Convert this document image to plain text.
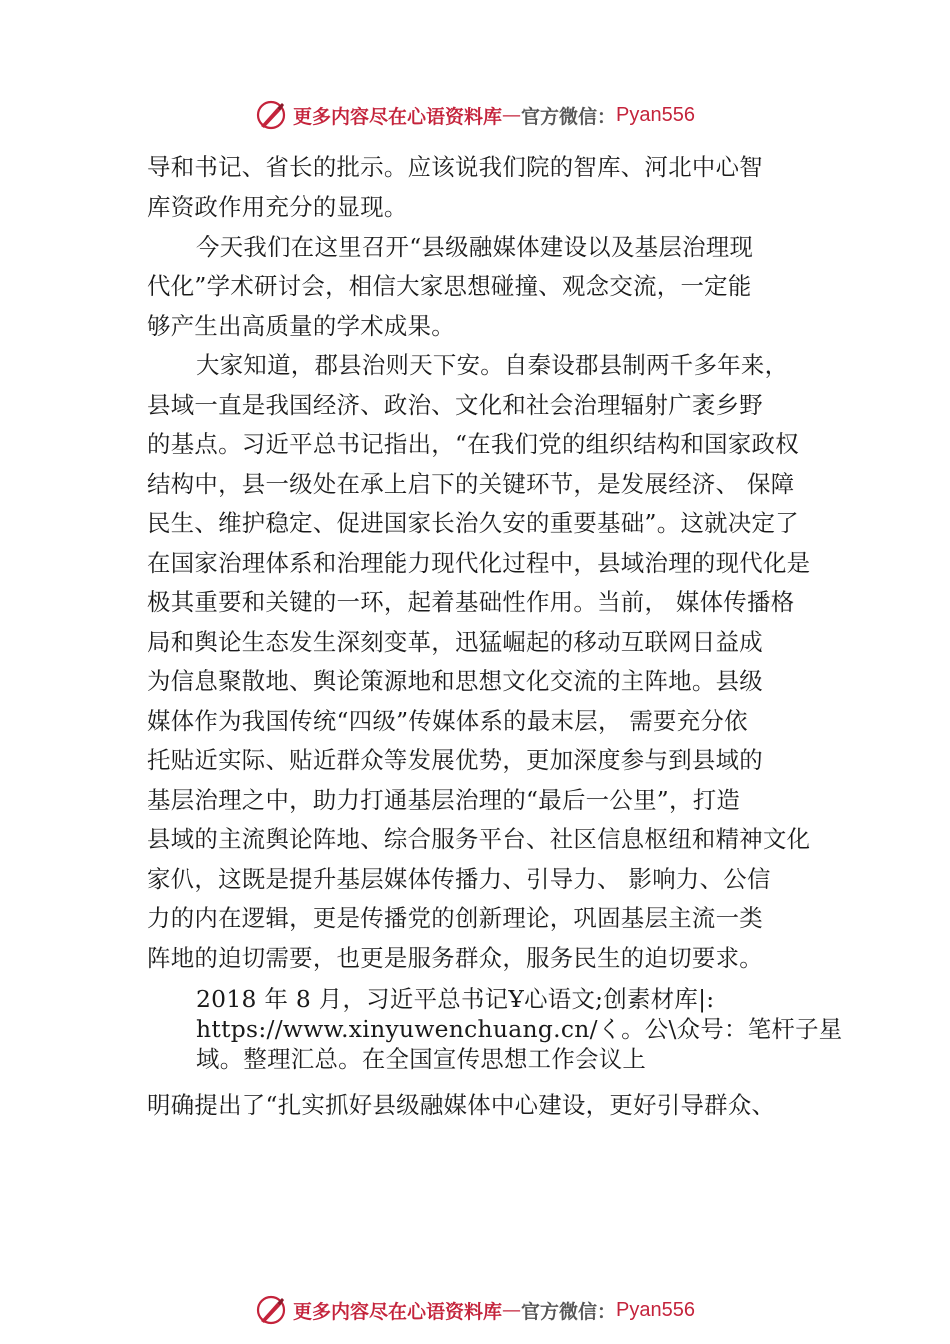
更多内容尽在心语资料库 — 官方微信： Pyan556
导和书记、省长的批示。应该说我们院的智库、河北中心智
库资政作用充分的显现。
今天我们在这里召开“县级融媒体建设以及基层治理现
代化”学术研讨会，相信大家思想碰撞、观念交流，一定能
够产生出高质量的学术成果。
大家知道，郡县治则天下安。自秦设郡县制两千多年来，
县域一直是我国经济、政治、文化和社会治理辐射广袤乡野
的基点。习近平总书记指出，“在我们党的组织结构和国家政权
结构中，县一级处在承上启下的关键环节，是发展经济、 保障
民生、维护稳定、促进国家长治久安的重要基础”。这就决定了
在国家治理体系和治理能力现代化过程中，县域治理的现代化是
极其重要和关键的一环，起着基础性作用。当前， 媒体传播格
局和舆论生态发生深刻变革，迅猛崛起的移动互联网日益成
为信息聚散地、舆论策源地和思想文化交流的主阵地。县级
媒体作为我国传统“四级”传媒体系的最末层， 需要充分依
托贴近实际、贴近群众等发展优势，更加深度参与到县域的
基层治理之中，助力打通基层治理的“最后一公里”，打造
县域的主流舆论阵地、综合服务平台、社区信息枢纽和精神文化
家仈，这既是提升基层媒体传播力、引导力、 影响力、公信
力的内在逻辑，更是传播党的创新理论，巩固基层主流一类
阵地的迫切需要，也更是服务群众，服务民生的迫切要求。
2018 年 8 月，习近平总书记Ұ心语文;创素材库|:
https://www.xinyuwenchuang.cn/く。公\众号：笔杆子星
域。整理汇总。在全国宣传思想工作会议上
明确提出了“扎实抓好县级融媒体中心建设，更好引导群众、
更多内容尽在心语资料库 — 官方微信： Pyan556
